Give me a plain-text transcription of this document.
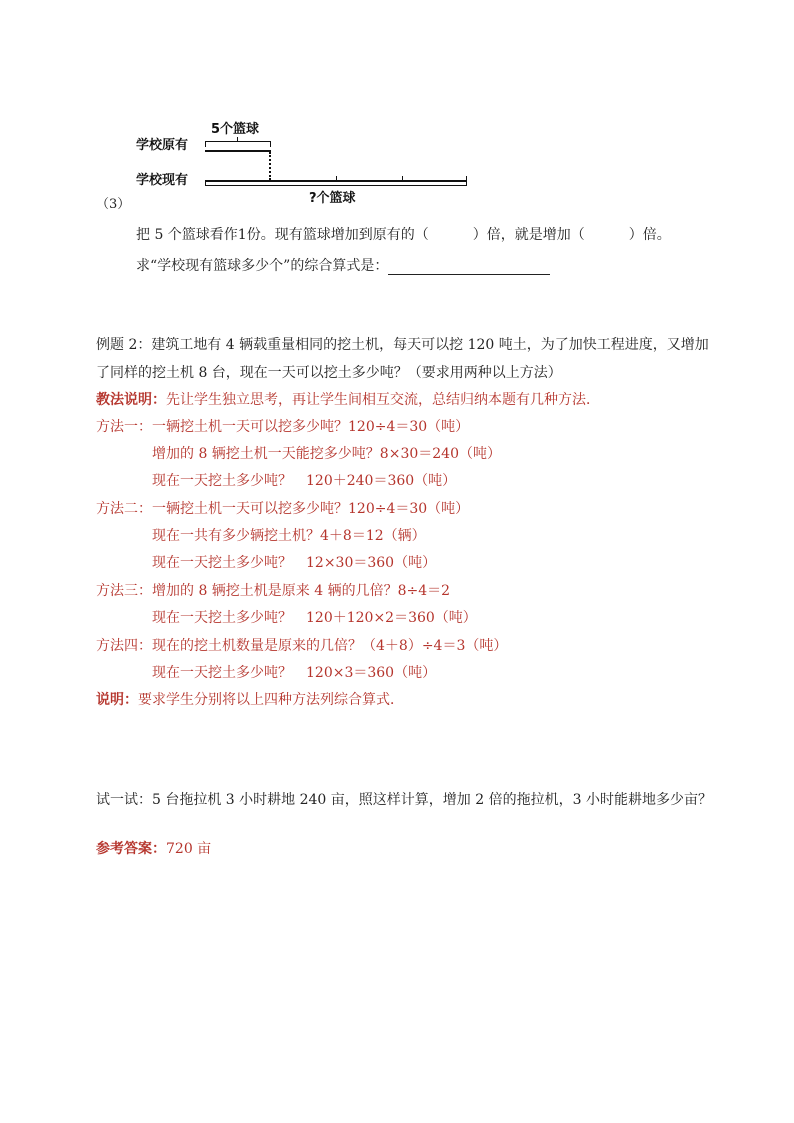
5个篮球
学校原有
学校现有
?个篮球
（3）
把 5 个篮球看作1份。现有篮球增加到原有的（	）倍，就是增加（	）倍。
求“学校现有篮球多少个”的综合算式是：
例题 2：建筑工地有 4 辆载重量相同的挖土机，每天可以挖 120 吨土，为了加快工程进度，又增加
了同样的挖土机 8 台，现在一天可以挖土多少吨？（要求用两种以上方法）
教法说明：先让学生独立思考，再让学生间相互交流，总结归纳本题有几种方法．
方法一： 一辆挖土机一天可以挖多少吨？120÷4＝30（吨）
增加的 8 辆挖土机一天能挖多少吨？8×30＝240（吨）
现在一天挖土多少吨？　120＋240＝360（吨）
方法二： 一辆挖土机一天可以挖多少吨？120÷4＝30（吨）
现在一共有多少辆挖土机？4＋8＝12（辆）
现在一天挖土多少吨？　12×30＝360（吨）
方法三： 增加的 8 辆挖土机是原来 4 辆的几倍？8÷4＝2
现在一天挖土多少吨？　120＋120×2＝360（吨）
方法四： 现在的挖土机数量是原来的几倍？（4＋8）÷4＝3（吨）
现在一天挖土多少吨？　120×3＝360（吨）
说明：要求学生分别将以上四种方法列综合算式．
试一试：5 台拖拉机 3 小时耕地 240 亩，照这样计算，增加 2 倍的拖拉机，3 小时能耕地多少亩？
参考答案：720 亩
